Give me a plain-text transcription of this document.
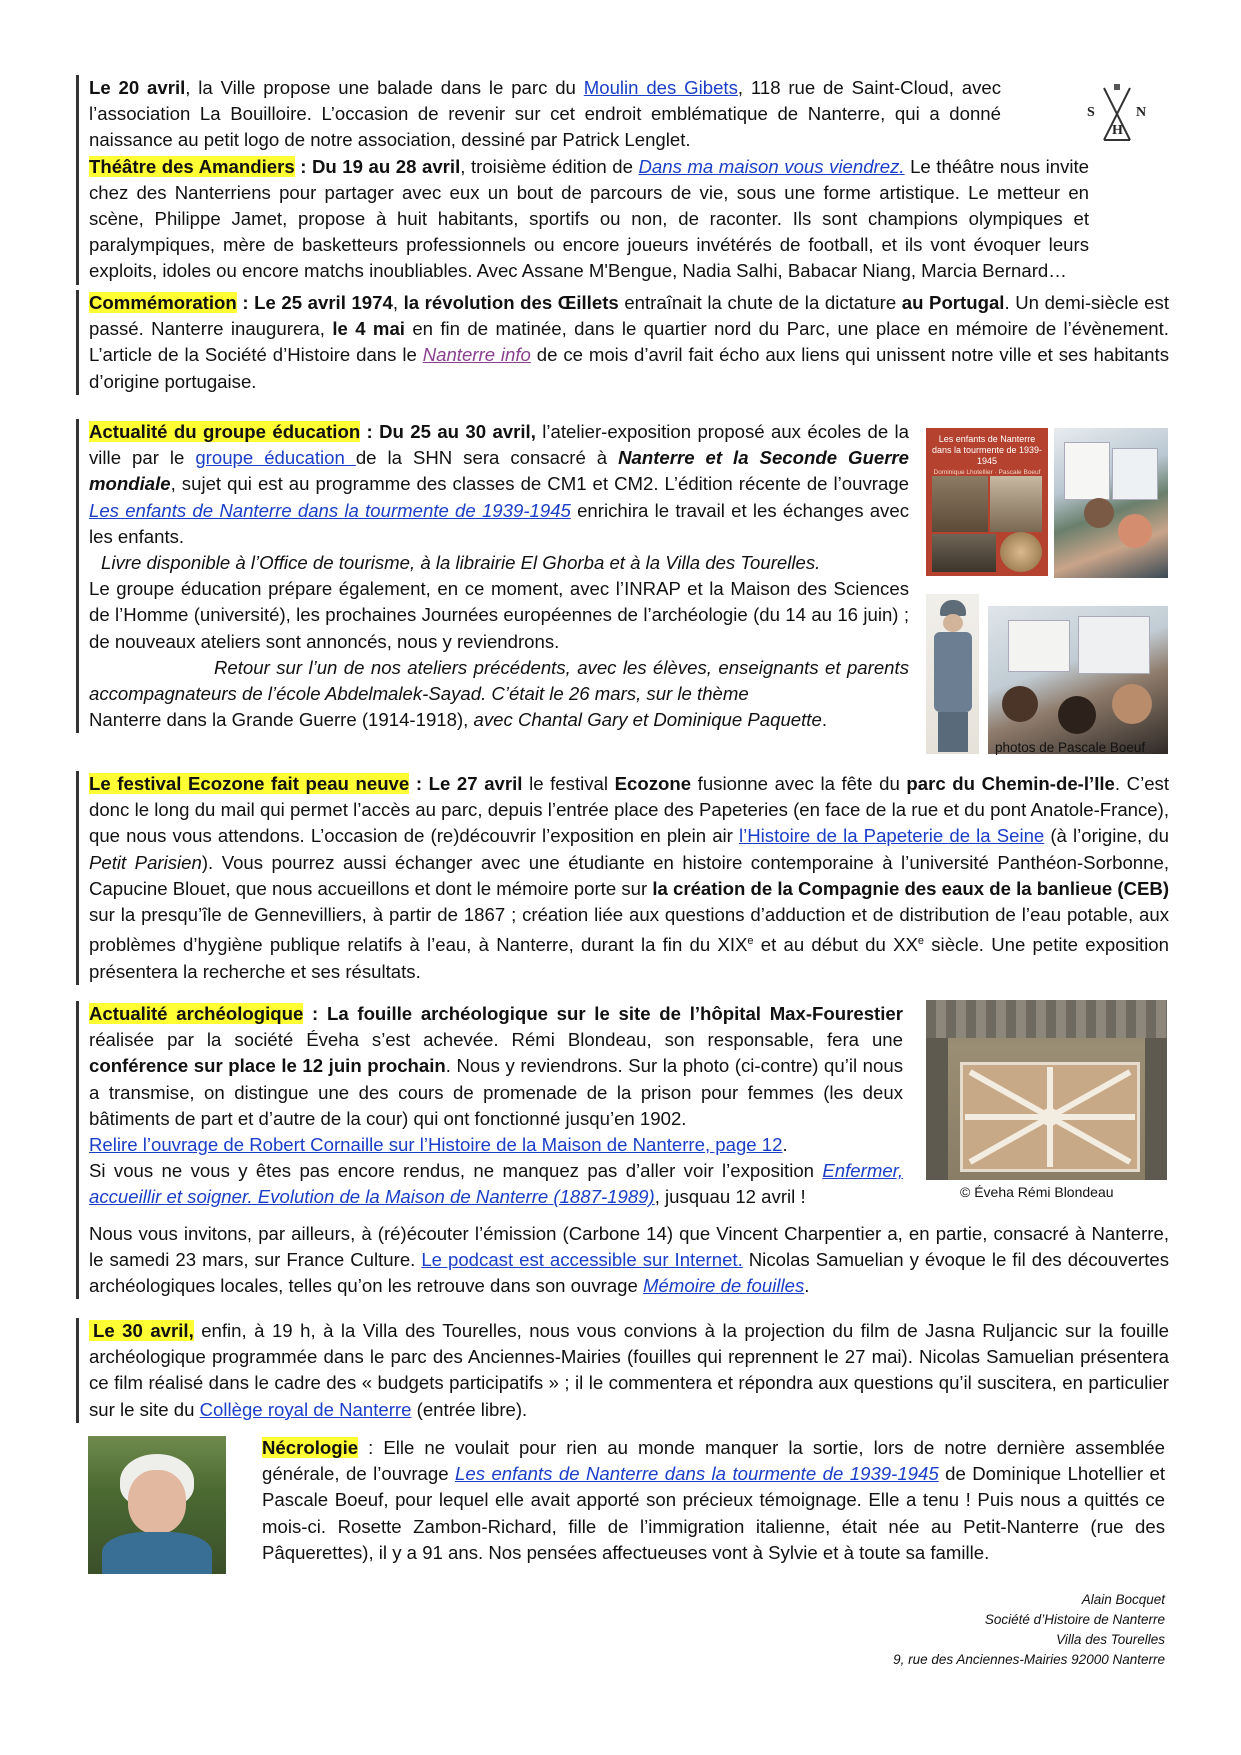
Le 20 avril, la Ville propose une balade dans le parc du Moulin des Gibets, 118 rue de Saint-Cloud, avec l’association La Bouilloire. L’occasion de revenir sur cet endroit emblématique de Nanterre, qui a donné naissance au petit logo de notre association, dessiné par Patrick Lenglet.

Théâtre des Amandiers : Du 19 au 28 avril, troisième édition de Dans ma maison vous viendrez. Le théâtre nous invite chez des Nanterriens pour partager avec eux un bout de parcours de vie, sous une forme artistique. Le metteur en scène, Philippe Jamet, propose à huit habitants, sportifs ou non, de raconter. Ils sont champions olympiques et paralympiques, mère de basketteurs professionnels ou encore joueurs invétérés de football, et ils vont évoquer leurs exploits, idoles ou encore matchs inoubliables. Avec Assane M'Bengue, Nadia Salhi, Babacar Niang, Marcia Bernard…

S	N
H

Commémoration : Le 25 avril 1974, la révolution des Œillets entraînait la chute de la dictature au Portugal. Un demi-siècle est passé. Nanterre inaugurera, le 4 mai en fin de matinée, dans le quartier nord du Parc, une place en mémoire de l’évènement. L’article de la Société d’Histoire dans le Nanterre info de ce mois d’avril fait écho aux liens qui unissent notre ville et ses habitants d’origine portugaise.

Actualité du groupe éducation : Du 25 au 30 avril, l’atelier-exposition proposé aux écoles de la ville par le groupe éducation de la SHN sera consacré à Nanterre et la Seconde Guerre mondiale, sujet qui est au programme des classes de CM1 et CM2. L’édition récente de l’ouvrage Les enfants de Nanterre dans la tourmente de 1939-1945 enrichira le travail et les échanges avec les enfants.

Livre disponible à l’Office de tourisme, à la librairie El Ghorba et à la Villa des Tourelles.

Le groupe éducation prépare également, en ce moment, avec l’INRAP et la Maison des Sciences de l’Homme (université), les prochaines Journées européennes de l’archéologie (du 14 au 16 juin) ; de nouveaux ateliers sont annoncés, nous y reviendrons.

Retour sur l’un de nos ateliers précédents, avec les élèves, enseignants et parents accompagnateurs de l’école Abdelmalek-Sayad. C’était le 26 mars, sur le thème

Nanterre dans la Grande Guerre (1914-1918), avec Chantal Gary et Dominique Paquette.

Les enfants de Nanterre dans la tourmente de 1939-1945
Dominique Lhotellier · Pascale Boeuf
photos de Pascale Boeuf

Le festival Ecozone fait peau neuve : Le 27 avril le festival Ecozone fusionne avec la fête du parc du Chemin-de-l’Ile. C’est donc le long du mail qui permet l’accès au parc, depuis l’entrée place des Papeteries (en face de la rue et du pont Anatole-France), que nous vous attendons. L’occasion de (re)découvrir l’exposition en plein air l’Histoire de la Papeterie de la Seine (à l’origine, du Petit Parisien). Vous pourrez aussi échanger avec une étudiante en histoire contemporaine à l’université Panthéon-Sorbonne, Capucine Blouet, que nous accueillons et dont le mémoire porte sur la création de la Compagnie des eaux de la banlieue (CEB) sur la presqu’île de Gennevilliers, à partir de 1867 ; création liée aux questions d’adduction et de distribution de l’eau potable, aux problèmes d’hygiène publique relatifs à l’eau, à Nanterre, durant la fin du XIXe et au début du XXe siècle. Une petite exposition présentera la recherche et ses résultats.

Actualité archéologique : La fouille archéologique sur le site de l’hôpital Max-Fourestier réalisée par la société Éveha s’est achevée. Rémi Blondeau, son responsable, fera une conférence sur place le 12 juin prochain. Nous y reviendrons. Sur la photo (ci-contre) qu’il nous a transmise, on distingue une des cours de promenade de la prison pour femmes (les deux bâtiments de part et d’autre de la cour) qui ont fonctionné jusqu’en 1902.

Relire l’ouvrage de Robert Cornaille sur l’Histoire de la Maison de Nanterre, page 12.

Si vous ne vous y êtes pas encore rendus, ne manquez pas d’aller voir l’exposition Enfermer, accueillir et soigner. Evolution de la Maison de Nanterre (1887-1989), jusquau 12 avril !

Nous vous invitons, par ailleurs, à (ré)écouter l’émission (Carbone 14) que Vincent Charpentier a, en partie, consacré à Nanterre, le samedi 23 mars, sur France Culture. Le podcast est accessible sur Internet. Nicolas Samuelian y évoque le fil des découvertes archéologiques locales, telles qu’on les retrouve dans son ouvrage Mémoire de fouilles.

© Éveha Rémi Blondeau

Le 30 avril, enfin, à 19 h, à la Villa des Tourelles, nous vous convions à la projection du film de Jasna Ruljancic sur la fouille archéologique programmée dans le parc des Anciennes-Mairies (fouilles qui reprennent le 27 mai). Nicolas Samuelian présentera ce film réalisé dans le cadre des « budgets participatifs » ; il le commentera et répondra aux questions qu’il suscitera, en particulier sur le site du Collège royal de Nanterre (entrée libre).

Nécrologie : Elle ne voulait pour rien au monde manquer la sortie, lors de notre dernière assemblée générale, de l’ouvrage Les enfants de Nanterre dans la tourmente de 1939-1945 de Dominique Lhotellier et Pascale Boeuf, pour lequel elle avait apporté son précieux témoignage. Elle a tenu ! Puis nous a quittés ce mois-ci. Rosette Zambon-Richard, fille de l’immigration italienne, était née au Petit-Nanterre (rue des Pâquerettes), il y a 91 ans. Nos pensées affectueuses vont à Sylvie et à toute sa famille.

Alain Bocquet
Société d’Histoire de Nanterre
Villa des Tourelles
9, rue des Anciennes-Mairies 92000 Nanterre
